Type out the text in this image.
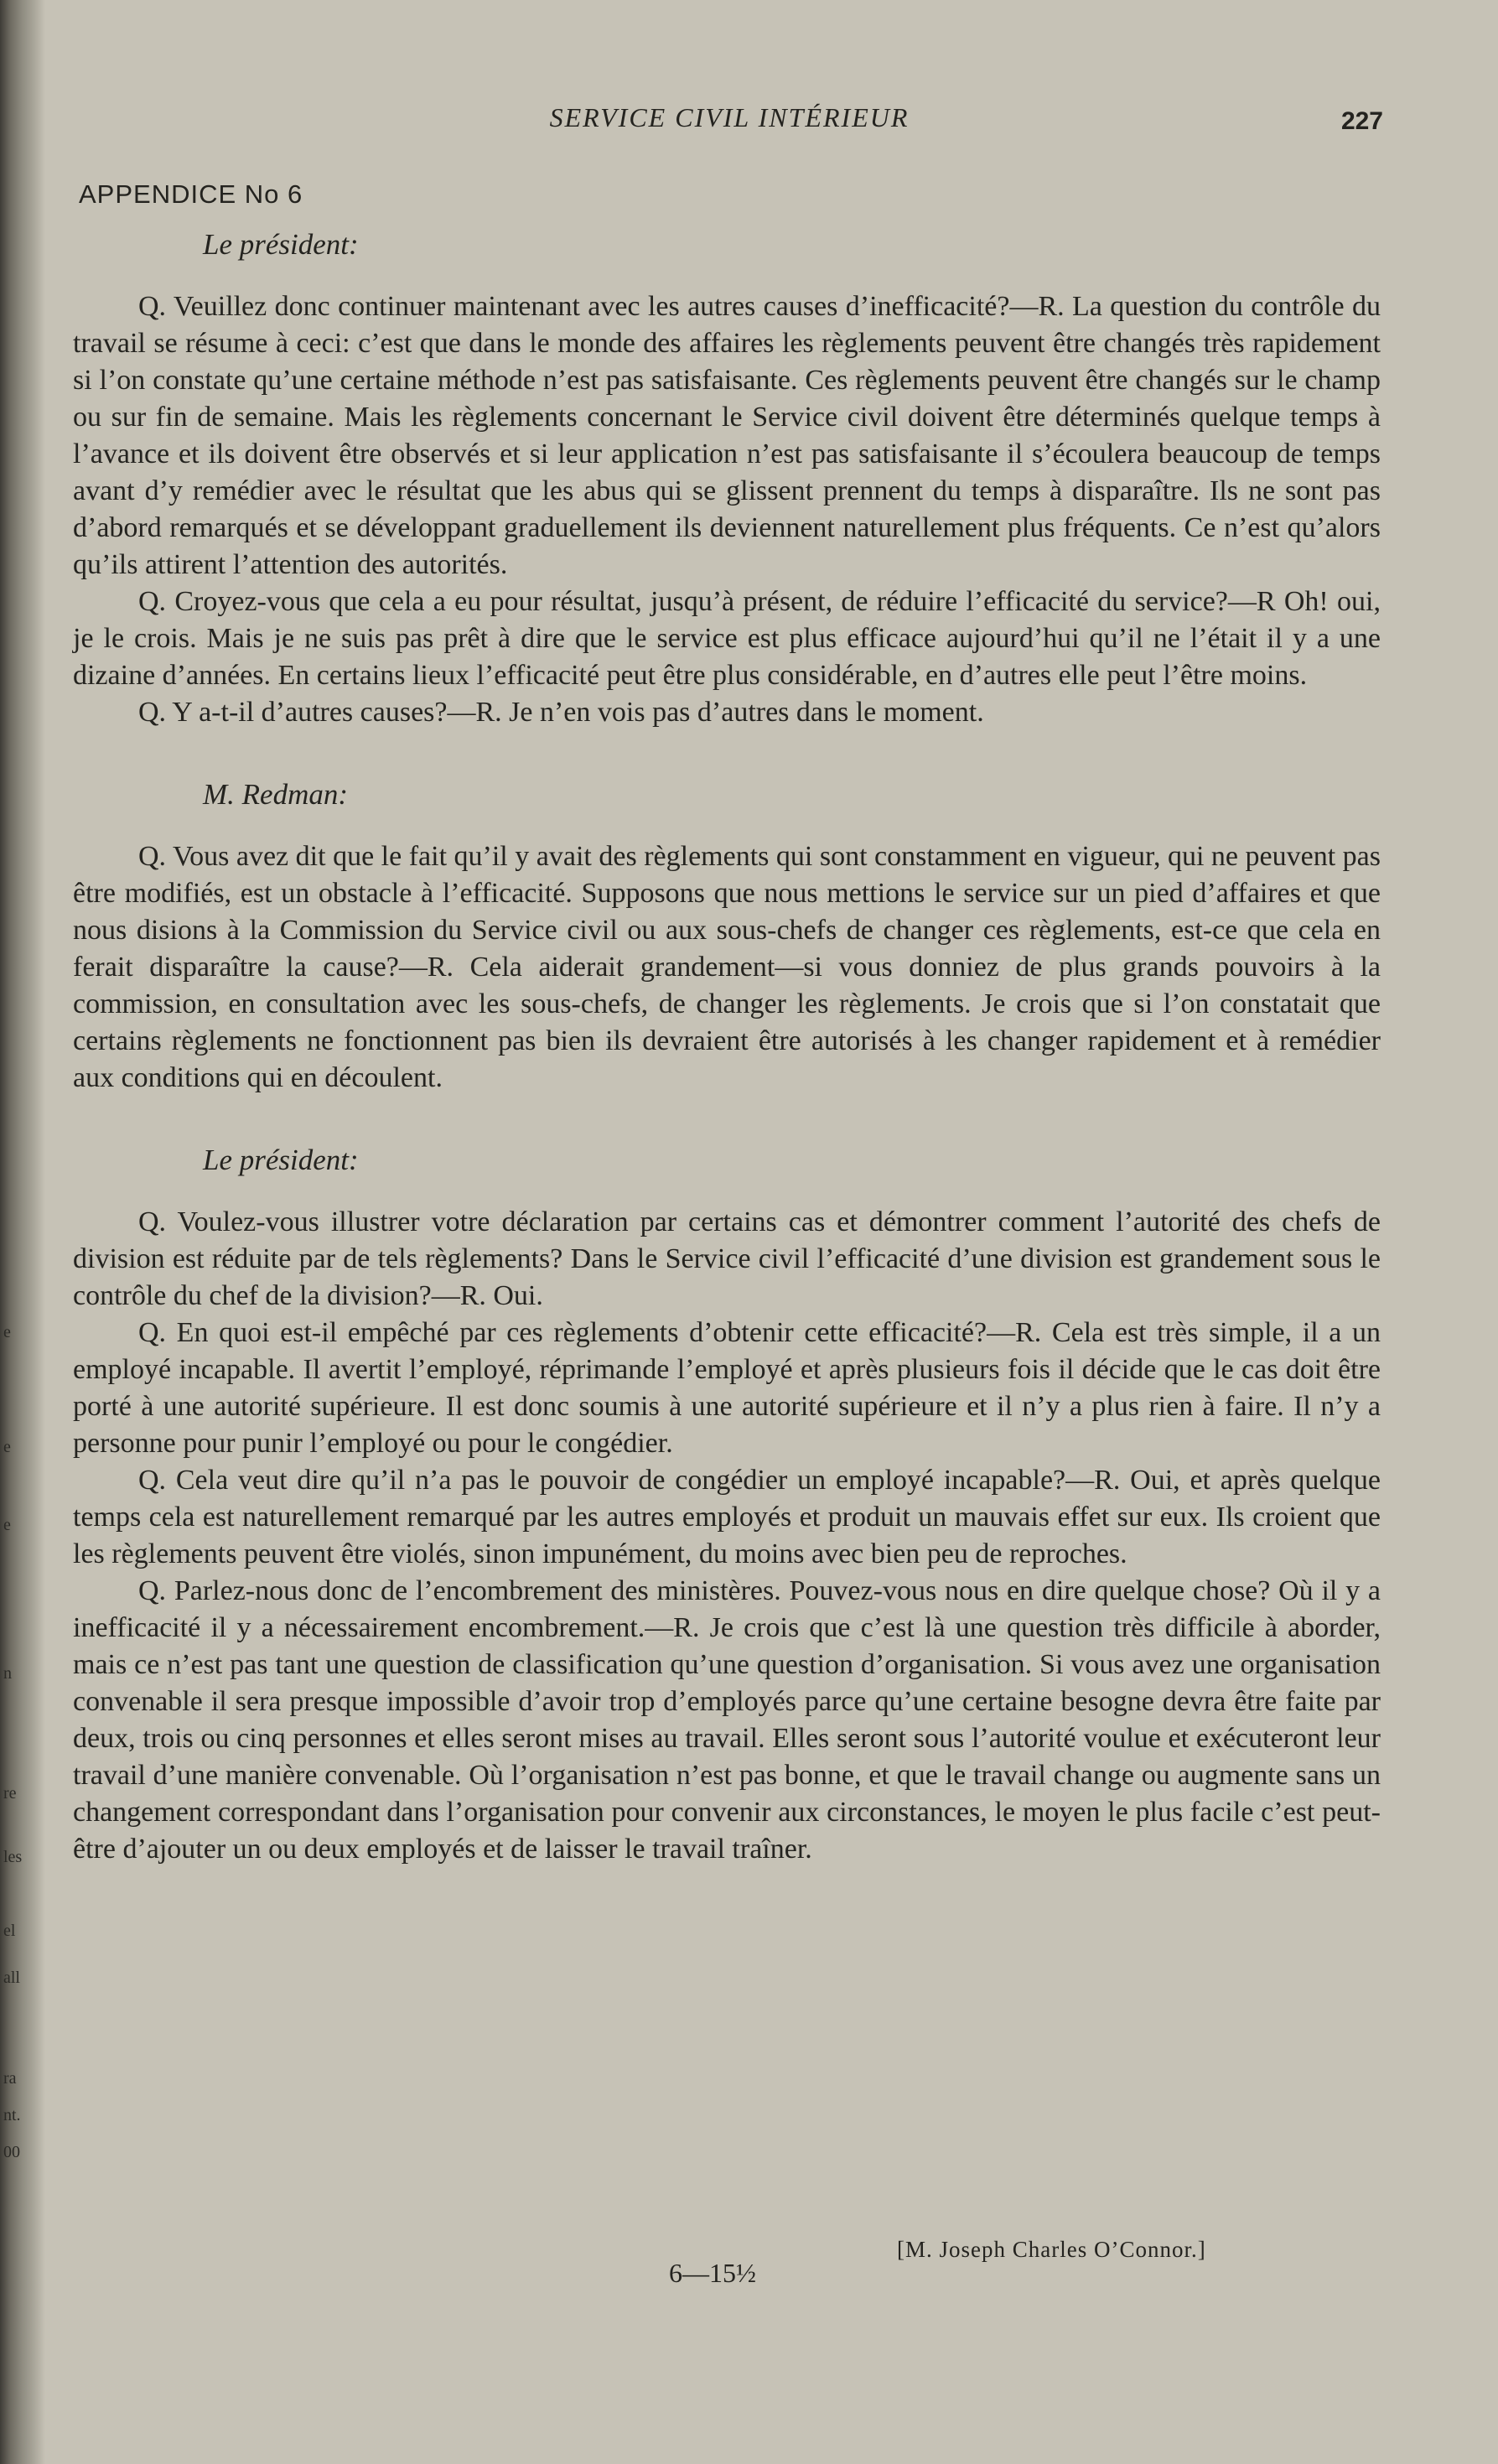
e
e
e
n
re
les
el
all
ra
nt.
00
SERVICE CIVIL INTÉRIEUR	227
APPENDICE No 6
Le président:

Q. Veuillez donc continuer maintenant avec les autres causes d’inefficacité?—R. La question du contrôle du travail se résume à ceci: c’est que dans le monde des affaires les règlements peuvent être changés très rapidement si l’on constate qu’une certaine méthode n’est pas satisfaisante. Ces règlements peuvent être changés sur le champ ou sur fin de semaine. Mais les règlements concernant le Service civil doivent être déterminés quelque temps à l’avance et ils doivent être observés et si leur application n’est pas satisfaisante il s’écoulera beaucoup de temps avant d’y remédier avec le résultat que les abus qui se glissent prennent du temps à disparaître. Ils ne sont pas d’abord remarqués et se développant graduellement ils deviennent naturellement plus fréquents. Ce n’est qu’alors qu’ils attirent l’attention des autorités.

Q. Croyez-vous que cela a eu pour résultat, jusqu’à présent, de réduire l’efficacité du service?—R Oh! oui, je le crois. Mais je ne suis pas prêt à dire que le service est plus efficace aujourd’hui qu’il ne l’était il y a une dizaine d’années. En certains lieux l’efficacité peut être plus considérable, en d’autres elle peut l’être moins.

Q. Y a-t-il d’autres causes?—R. Je n’en vois pas d’autres dans le moment.

M. Redman:

Q. Vous avez dit que le fait qu’il y avait des règlements qui sont constamment en vigueur, qui ne peuvent pas être modifiés, est un obstacle à l’efficacité. Supposons que nous mettions le service sur un pied d’affaires et que nous disions à la Commission du Service civil ou aux sous-chefs de changer ces règlements, est-ce que cela en ferait disparaître la cause?—R. Cela aiderait grandement—si vous donniez de plus grands pouvoirs à la commission, en consultation avec les sous-chefs, de changer les règlements. Je crois que si l’on constatait que certains règlements ne fonctionnent pas bien ils devraient être autorisés à les changer rapidement et à remédier aux conditions qui en découlent.

Le président:

Q. Voulez-vous illustrer votre déclaration par certains cas et démontrer comment l’autorité des chefs de division est réduite par de tels règlements? Dans le Service civil l’efficacité d’une division est grandement sous le contrôle du chef de la division?—R. Oui.

Q. En quoi est-il empêché par ces règlements d’obtenir cette efficacité?—R. Cela est très simple, il a un employé incapable. Il avertit l’employé, réprimande l’employé et après plusieurs fois il décide que le cas doit être porté à une autorité supérieure. Il est donc soumis à une autorité supérieure et il n’y a plus rien à faire. Il n’y a personne pour punir l’employé ou pour le congédier.

Q. Cela veut dire qu’il n’a pas le pouvoir de congédier un employé incapable?—R. Oui, et après quelque temps cela est naturellement remarqué par les autres employés et produit un mauvais effet sur eux. Ils croient que les règlements peuvent être violés, sinon impunément, du moins avec bien peu de reproches.

Q. Parlez-nous donc de l’encombrement des ministères. Pouvez-vous nous en dire quelque chose? Où il y a inefficacité il y a nécessairement encombrement.—R. Je crois que c’est là une question très difficile à aborder, mais ce n’est pas tant une question de classification qu’une question d’organisation. Si vous avez une organisation convenable il sera presque impossible d’avoir trop d’employés parce qu’une certaine besogne devra être faite par deux, trois ou cinq personnes et elles seront mises au travail. Elles seront sous l’autorité voulue et exécuteront leur travail d’une manière convenable. Où l’organisation n’est pas bonne, et que le travail change ou augmente sans un changement correspondant dans l’organisation pour convenir aux circonstances, le moyen le plus facile c’est peut-être d’ajouter un ou deux employés et de laisser le travail traîner.

[M. Joseph Charles O’Connor.]
6—15½
